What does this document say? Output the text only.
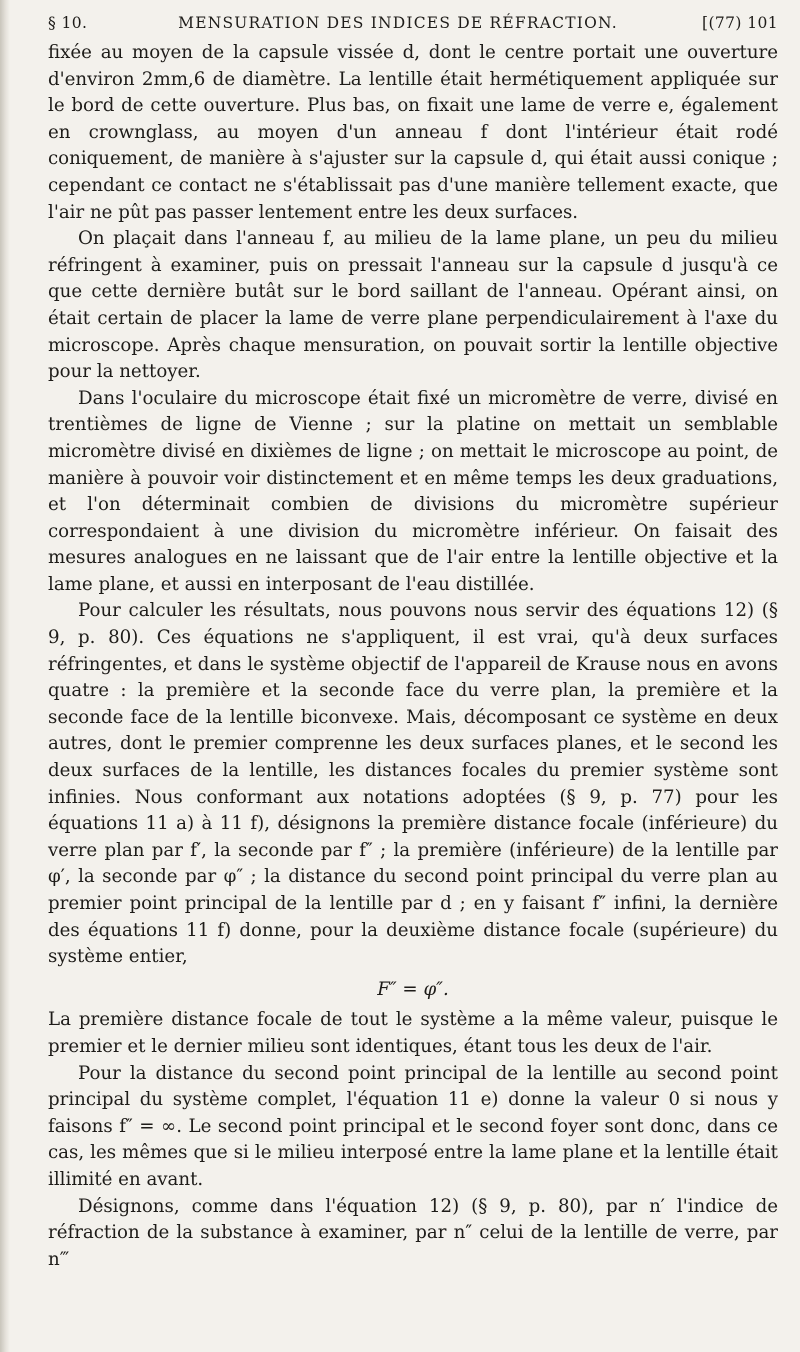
§ 10.	MENSURATION DES INDICES DE RÉFRACTION.	[(77) 101

fixée au moyen de la capsule vissée d, dont le centre portait une ouverture d'environ 2mm,6 de diamètre. La lentille était hermétiquement appliquée sur le bord de cette ouverture. Plus bas, on fixait une lame de verre e, également en crownglass, au moyen d'un anneau f dont l'intérieur était rodé coniquement, de manière à s'ajuster sur la capsule d, qui était aussi conique ; cependant ce contact ne s'établissait pas d'une manière tellement exacte, que l'air ne pût pas passer lentement entre les deux surfaces.

On plaçait dans l'anneau f, au milieu de la lame plane, un peu du milieu réfringent à examiner, puis on pressait l'anneau sur la capsule d jusqu'à ce que cette dernière butât sur le bord saillant de l'anneau. Opérant ainsi, on était certain de placer la lame de verre plane perpendiculairement à l'axe du microscope. Après chaque mensuration, on pouvait sortir la lentille objective pour la nettoyer.

Dans l'oculaire du microscope était fixé un micromètre de verre, divisé en trentièmes de ligne de Vienne ; sur la platine on mettait un semblable micromètre divisé en dixièmes de ligne ; on mettait le microscope au point, de manière à pouvoir voir distinctement et en même temps les deux graduations, et l'on déterminait combien de divisions du micromètre supérieur correspondaient à une division du micromètre inférieur. On faisait des mesures analogues en ne laissant que de l'air entre la lentille objective et la lame plane, et aussi en interposant de l'eau distillée.

Pour calculer les résultats, nous pouvons nous servir des équations 12) (§ 9, p. 80). Ces équations ne s'appliquent, il est vrai, qu'à deux surfaces réfringentes, et dans le système objectif de l'appareil de Krause nous en avons quatre : la première et la seconde face du verre plan, la première et la seconde face de la lentille biconvexe. Mais, décomposant ce système en deux autres, dont le premier comprenne les deux surfaces planes, et le second les deux surfaces de la lentille, les distances focales du premier système sont infinies. Nous conformant aux notations adoptées (§ 9, p. 77) pour les équations 11 a) à 11 f), désignons la première distance focale (inférieure) du verre plan par f′, la seconde par f″ ; la première (inférieure) de la lentille par φ′, la seconde par φ″ ; la distance du second point principal du verre plan au premier point principal de la lentille par d ; en y faisant f″ infini, la dernière des équations 11 f) donne, pour la deuxième distance focale (supérieure) du système entier,

F″ = φ″.

La première distance focale de tout le système a la même valeur, puisque le premier et le dernier milieu sont identiques, étant tous les deux de l'air.

Pour la distance du second point principal de la lentille au second point principal du système complet, l'équation 11 e) donne la valeur 0 si nous y faisons f″ = ∞. Le second point principal et le second foyer sont donc, dans ce cas, les mêmes que si le milieu interposé entre la lame plane et la lentille était illimité en avant.

Désignons, comme dans l'équation 12) (§ 9, p. 80), par n′ l'indice de réfraction de la substance à examiner, par n″ celui de la lentille de verre, par n‴
